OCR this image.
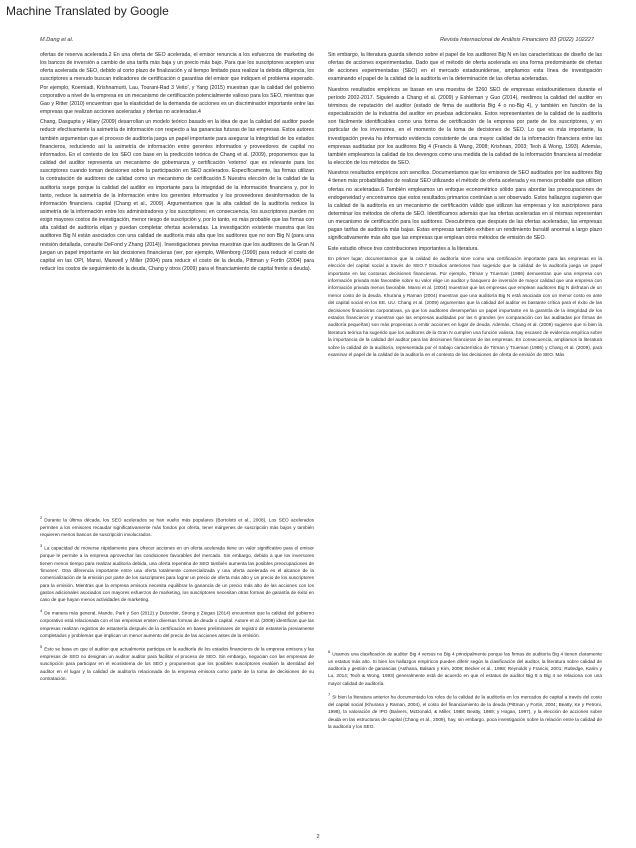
Machine Translated by Google
M.Dang et al.	Revista Internacional de Análisis Financiero 83 (2022) 102227

ofertas de reserva acelerada.2 En una oferta de SEO acelerada, el emisor renuncia a los esfuerzos de marketing de los bancos de inversión a cambio de una tarifa más baja y un precio más bajo. Para que los suscriptores acepten una oferta acelerada de SEO, debido al corto plazo de finalización y al tiempo limitado para realizar la debida diligencia, los suscriptores a menudo buscan indicadores de certificación o garantías del emisor que indiquen el problema esperado. Por ejemplo, Koerniadi, Krishnamurti, Lau, Tourani-Rad 3 Veito', y Yang (2015) muestran que la calidad del gobierno corporativo a nivel de la empresa es un mecanismo de certificación potencialmente valioso para los SEO, mientras que Gao y Ritter (2010) encuentran que la elasticidad de la demanda de acciones es un discriminador importante entre las empresas que realizan acciones aceleradas y ofertas no aceleradas.4

Chang, Dasgupta y Hilary (2009) desarrollan un modelo teórico basado en la idea de que la calidad del auditor puede reducir efectivamente la asimetría de información con respecto a las ganancias futuras de las empresas. Estos autores también argumentan que el proceso de auditoría juega un papel importante para asegurar la integridad de los estados financieros, reduciendo así la asimetría de información entre gerentes informados y proveedores de capital no informados. En el contexto de los SEO con base en la predicción teórica de Chang et al. (2009), proponemos que la calidad del auditor representa un mecanismo de gobernanza y certificación 'externo' que es relevante para los suscriptores cuando toman decisiones sobre la participación en SEO acelerados. Específicamente, las firmas utilizan la contratación de auditores de calidad como un mecanismo de certificación.5 Nuestra elección de la calidad de la auditoría surge porque la calidad del auditor es importante para la integridad de la información financiera y, por lo tanto, reduce la asimetría de la información entre los gerentes informados y los proveedores desinformados de la información financiera. capital (Chang et al., 2009). Argumentamos que la alta calidad de la auditoría reduce la asimetría de la información entre los administradores y los suscriptores; en consecuencia, los suscriptores pueden no exigir mayores costos de investigación, menor riesgo de suscripción y, por lo tanto, es más probable que las firmas con alta calidad de auditoría elijan y puedan completar ofertas aceleradas. La investigación existente muestra que los auditores Big N están asociados con una calidad de auditoría más alta que los auditores que no son Big N (para una revisión detallada, consulte DeFond y Zhang (2014)). Investigaciones previas muestran que los auditores de la Gran N juegan un papel importante en las decisiones financieras (ver, por ejemplo, Willenborg (1999) para reducir el costo de capital en las OPI, Mansi, Maxwell y Miller (2004) para reducir el costo de la deuda, Pittman y Fortin (2004) para reducir los costos de seguimiento de la deuda, Chang y otros (2009) para el financiamiento de capital frente a deuda).

Sin embargo, la literatura guarda silencio sobre el papel de los auditores Big N en las características de diseño de las ofertas de acciones experimentadas. Dado que el método de oferta acelerada es una forma predominante de ofertas de acciones experimentadas (SEO) en el mercado estadounidense, ampliamos esta línea de investigación examinando el papel de la calidad de la auditoría en la determinación de las ofertas aceleradas.

Nuestros resultados empíricos se basan en una muestra de 3260 SEO de empresas estadounidenses durante el período 2002-2017. Siguiendo a Chang et al. (2009) y Eshleman y Guo (2014), medimos la calidad del auditor en términos de reputación del auditor (estado de firma de auditoría Big 4 o no-Big 4), y también en función de la especialización de la industria del auditor en pruebas adicionales. Estos representantes de la calidad de la auditoría son fácilmente identificables como una forma de certificación de la empresa por parte de los suscriptores, y en particular de los inversores, en el momento de la toma de decisiones de SEO. Lo que es más importante, la investigación previa ha informado evidencia consistente de una mayor calidad de la información financiera entre las empresas auditadas por los auditores Big 4 (Francis & Wang, 2008; Krishnan, 2003; Teoh & Wong, 1993). Además, también empleamos la calidad de los devengos como una medida de la calidad de la información financiera al modelar la elección de los métodos de SEO.

Nuestros resultados empíricos son sencillos. Documentamos que los emisores de SEO auditados por los auditores Big 4 tienen más probabilidades de realizar SEO utilizando el método de oferta acelerada y es menos probable que utilicen ofertas no aceleradas.6 También empleamos un enfoque econométrico sólido para abordar las preocupaciones de endogeneidad y encontramos que estos resultados primarios continúan a ser observado. Estos hallazgos sugieren que la calidad de la auditoría es un mecanismo de certificación válido que utilizan las empresas y los suscriptores para determinar los métodos de oferta de SEO. Identificamos además que las ofertas aceleradas en sí mismas representan un mecanismo de certificación para los auditores. Descubrimos que después de las ofertas aceleradas, las empresas pagan tarifas de auditoría más bajas. Estas empresas también exhiben un rendimiento bursátil anormal a largo plazo significativamente más alto que las empresas que emplean otros métodos de emisión de SEO.

Este estudio ofrece tres contribuciones importantes a la literatura.

En primer lugar, documentamos que la calidad de auditoría sirve como una certificación importante para las empresas en la elección del capital social a través de SEO.7 Estudios anteriores han sugerido que la calidad de la auditoría juega un papel importante en las costosas decisiones financieras. Por ejemplo, Titman y Trueman (1986) demuestran que una empresa con información privada más favorable sobre su valor elige un auditor y banquero de inversión de mayor calidad que una empresa con información privada menos favorable. Mansi et al. (2004) muestran que las empresas que emplean auditores Big N disfrutan de un menor costo de la deuda. Khurana y Raman (2004) muestran que una auditoría Big N está asociada con un menor costo ex ante del capital social en los EE. UU. Chang et al. (2009) argumentan que la calidad del auditor es bastante crítica para el éxito de las decisiones financieras corporativas, ya que los auditores desempeñan un papel importante en la garantía de la integridad de los estados financieros y muestran que las empresas auditadas por las 6 grandes (en comparación con las auditadas por firmas de auditoría pequeñas) son más propensas a emitir acciones en lugar de deuda. Además, Chang et al. (2009) sugieren que si bien la literatura teórica ha sugerido que los auditores de la Gran N cumplen una función valiosa, hay escasez de evidencia empírica sobre la importancia de la calidad del auditor para las decisiones financieras de las empresas. En consecuencia, ampliamos la literatura sobre la calidad de la auditoría, representada por el trabajo característico de Titman y Trueman (1986) y Chang et al. (2009), para examinar el papel de la calidad de la auditoría en el contexto de las decisiones de oferta de emisión de SEO. Más

$^2$Durante la última década, los SEO acelerados se han vuelto más populares (Bortolotti et al., 2008). Los SEO acelerados permiten a los emisores recaudar significativamente más fondos por oferta, tener márgenes de suscripción más bajos y también requieren menos bancos de suscripción involucrados.

$^3$La capacidad de moverse rápidamente para ofrecer acciones en un oferta acelerada tiene un valor significativo para el emisor porque le permite a la empresa aprovechar las condiciones favorables del mercado. Sin embargo, debido a que los inversores tienen menos tiempo para realizar auditoría debida, una oferta repentina de SEO también aumenta las posibles preocupaciones de 'limones'. Otra diferencia importante entre una oferta totalmente comercializada y una oferta acelerada es el alcance de la comercialización de la emisión por parte de los suscriptores para lograr un precio de oferta más alto y un precio de los suscriptores para la emisión. Mientras que la empresa emisora necesita equilibrar la ganancia de un precio más alto de las acciones con los gastos adicionales asociados con mayores esfuerzos de marketing, los suscriptores necesitan otras formas de garantía de éxito en caso de que hayan menos actividades de marketing.

$^4$De manera más general, Mande, Park y Son (2012) y Dutordoir, Strong y Ziegan (2014) encuentran que la calidad del gobierno corporativo está relacionada con el las empresas emiten diversas formas de deuda o capital. Autore et al. (2009) identifican que las empresas realizan registros de estantería después de la certificación en bases preliminares de registro de estantería previamente completados y problemas que implican un menor aumento del precio de las acciones antes de la emisión.

$^5$Esto se basa en que el auditor que actualmente participa en la auditoría de los estados financieros de la empresa emisora y las empresas de SEO no designan un auditor auditor para facilitar el proceso de SEO. Sin embargo, negocian con las empresas de suscripción para participar en el ecosistema de los SEO y proponemos que los posibles suscriptores evalúen la identidad del auditor en el lugar y la calidad de auditoría relacionada de la empresa emisora como parte de la toma de decisiones de su contratación.

$^6$Usamos una clasificación de auditor Big 4 versus no Big 4 principalmente porque las firmas de auditoría Big 4 tienen claramente un estatus más alto. Si bien los hallazgos empíricos pueden diferir según la clasificación del auditor, la literatura sobre calidad de auditoría y gestión de ganancias (Asthana, Balsam y Kim, 2009; Becker et al., 1998; Reynolds y Francis, 2001; Rutledge, Karim y Lu, 2014; Teoh & Wong, 1993) generalmente está de acuerdo en que el estatus de auditor Big 8 a Big 4 se relaciona con una mayor calidad de auditoría.

$^7$Si bien la literatura anterior ha documentado los roles de la calidad de la auditoría en los mercados de capital a través del costo del capital social (Khurana y Raman, 2004), el costo del financiamiento de la deuda (Pittman y Fortin, 2004; Beatty, Ke y Petroni, 1998), la valoración de IPO (Balvers, McDonald, & Miller, 1988; Beatty, 1989; y Hogan, 1997), y la elección de acciones sobre deuda en las estructuras de capital (Chang et al., 2009), hay, sin embargo, poca investigación sobre la relación entre la calidad de la auditoría y los SEO.

2
